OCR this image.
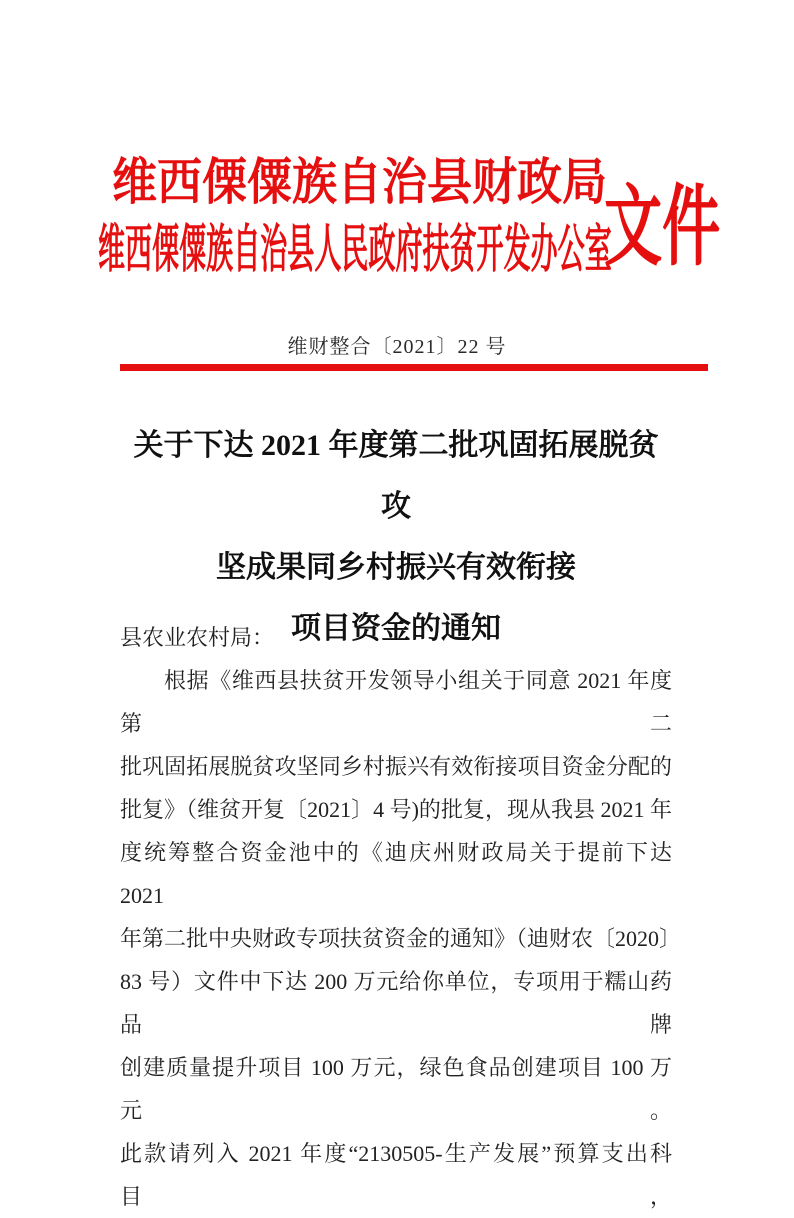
维西傈僳族自治县财政局
维西傈僳族自治县人民政府扶贫开发办公室
文件
维财整合〔2021〕22 号
关于下达 2021 年度第二批巩固拓展脱贫攻
坚成果同乡村振兴有效衔接
项目资金的通知
县农业农村局：
根据《维西县扶贫开发领导小组关于同意 2021 年度第二
批巩固拓展脱贫攻坚同乡村振兴有效衔接项目资金分配的
批复》（维贫开复〔2021〕4 号)的批复，现从我县 2021 年
度统筹整合资金池中的《迪庆州财政局关于提前下达 2021
年第二批中央财政专项扶贫资金的通知》（迪财农〔2020〕
83 号）文件中下达 200 万元给你单位，专项用于糯山药品牌
创建质量提升项目 100 万元，绿色食品创建项目 100 万元。
此款请列入 2021 年度“2130505-生产发展”预算支出科目，
